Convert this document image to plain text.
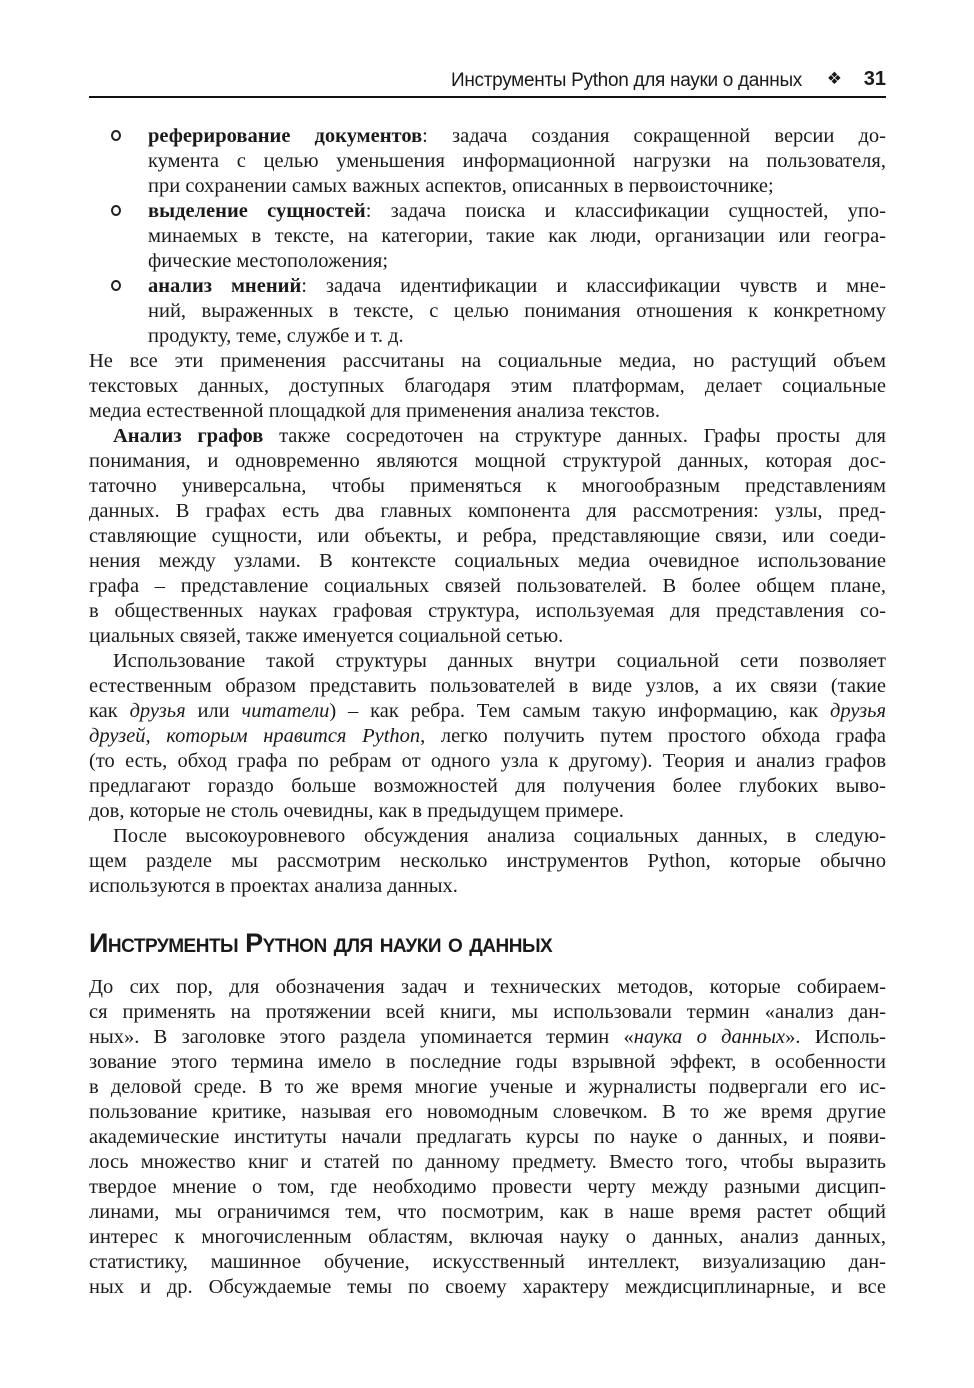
Инструменты Python для науки о данных ❖ 31
реферирование документов: задача создания сокращенной версии до-
кумента с целью уменьшения информационной нагрузки на пользователя,
при сохранении самых важных аспектов, описанных в первоисточнике;
выделение сущностей: задача поиска и классификации сущностей, упо-
минаемых в тексте, на категории, такие как люди, организации или геогра-
фические местоположения;
анализ мнений: задача идентификации и классификации чувств и мне-
ний, выраженных в тексте, с целью понимания отношения к конкретному
продукту, теме, службе и т. д.
Не все эти применения рассчитаны на социальные медиа, но растущий объем
текстовых данных, доступных благодаря этим платформам, делает социальные
медиа естественной площадкой для применения анализа текстов.
Анализ графов также сосредоточен на структуре данных. Графы просты для
понимания, и одновременно являются мощной структурой данных, которая дос-
таточно универсальна, чтобы применяться к многообразным представлениям
данных. В графах есть два главных компонента для рассмотрения: узлы, пред-
ставляющие сущности, или объекты, и ребра, представляющие связи, или соеди-
нения между узлами. В контексте социальных медиа очевидное использование
графа – представление социальных связей пользователей. В более общем плане,
в общественных науках графовая структура, используемая для представления со-
циальных связей, также именуется социальной сетью.
Использование такой структуры данных внутри социальной сети позволяет
естественным образом представить пользователей в виде узлов, а их связи (такие
как друзья или читатели) – как ребра. Тем самым такую информацию, как друзья
друзей, которым нравится Python, легко получить путем простого обхода графа
(то есть, обход графа по ребрам от одного узла к другому). Теория и анализ графов
предлагают гораздо больше возможностей для получения более глубоких выво-
дов, которые не столь очевидны, как в предыдущем примере.
После высокоуровневого обсуждения анализа социальных данных, в следую-
щем разделе мы рассмотрим несколько инструментов Python, которые обычно
используются в проектах анализа данных.
Инструменты Python для науки о данных
До сих пор, для обозначения задач и технических методов, которые собираем-
ся применять на протяжении всей книги, мы использовали термин «анализ дан-
ных». В заголовке этого раздела упоминается термин «наука о данных». Исполь-
зование этого термина имело в последние годы взрывной эффект, в особенности
в деловой среде. В то же время многие ученые и журналисты подвергали его ис-
пользование критике, называя его новомодным словечком. В то же время другие
академические институты начали предлагать курсы по науке о данных, и появи-
лось множество книг и статей по данному предмету. Вместо того, чтобы выразить
твердое мнение о том, где необходимо провести черту между разными дисцип-
линами, мы ограничимся тем, что посмотрим, как в наше время растет общий
интерес к многочисленным областям, включая науку о данных, анализ данных,
статистику, машинное обучение, искусственный интеллект, визуализацию дан-
ных и др. Обсуждаемые темы по своему характеру междисциплинарные, и все
